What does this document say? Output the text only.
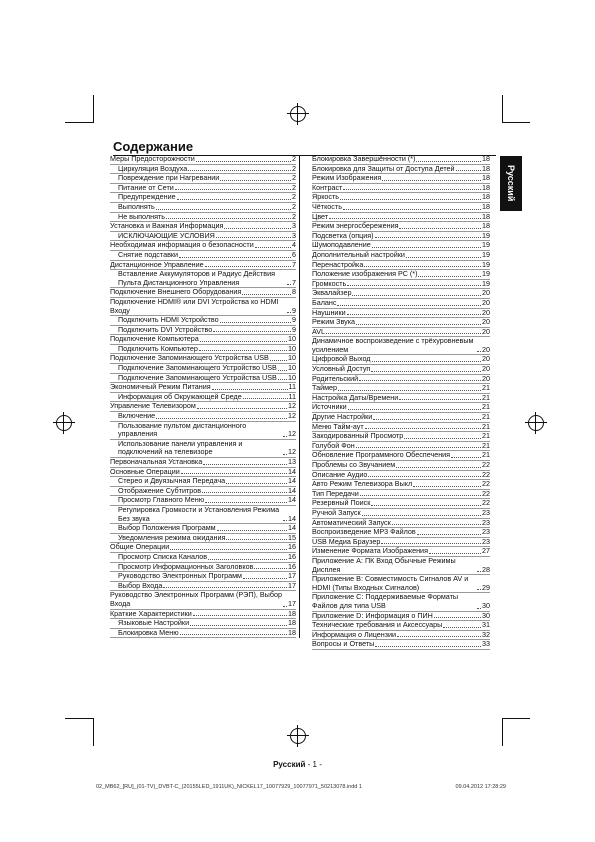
Содержание
Русский
Меры Предосторожности	2
Циркуляция Воздуха	2
Повреждение при Нагревании	2
Питание от Сети	2
Предупреждение	2
Выполнять	2
Не выполнять	2
Установка и Важная Информация	3
ИСКЛЮЧАЮЩИЕ УСЛОВИЯ	3
Необходимая информация о безопасности	4
Снятие подставки	6
Дистанционное Управление	7
Вставление Аккумуляторов и Радиус Действия Пульта Дистанционного Управления	7
Подключение Внешнего Оборудования	8
Подключение HDMI® или DVI Устройства ко HDMI Входу	9
Подключить HDMI Устройство	9
Подключить DVI Устройство	9
Подключение Компьютера	10
Подключить Компьютер	10
Подключение Запоминающего Устройства USB	10
Подключение Запоминающего Устройство USB 10
Подключение Запоминающего Устройства USB 10
Экономичный Режим Питания	11
Информация об Окружающей Среде	11
Управление Телевизором	12
Включение	12
Пользование пультом дистанционного управления	12
Использование панели управления и подключений на телевизоре	12
Первоначальная Установка	13
Основные Операции	14
Стерео и Двуязычная Передача	14
Отображение Субтитров	14
Просмотр Главного Меню	14
Регулировка Громкости и Установления Режима Без звука	14
Выбор Положения Программ	14
Уведомления режима ожидания	15
Общие Операции	16
Просмотр Списка Каналов	16
Просмотр Информационных Заголовков	16
Руководство Электронных Программ	17
Выбор Входа	17
Руководство Электронных Программ (РЭП), Выбор Входа	17
Краткие Характеристики	18
Языковые Настройки	18
Блокировка Меню	18
Блокировка Завершённости (*)	18
Блокировка для Защиты от Доступа Детей	18
Режим Изображения	18
Контраст	18
Яркость	18
Чёткость	18
Цвет	18
Режим энергосбережения	18
Подсветка (опция)	19
Шумоподавление	19
Дополнительный настройки	19
Перенастройка	19
Положение изображения РС (*)	19
Громкость	19
Эквалайзер	20
Баланс	20
Наушники	20
Режим Звука	20
AVL	20
Динамичное воспроизведение с трёхуровневым усилением	20
Цифровой Выход	20
Условный Доступ	20
Родительский	20
Таймер	21
Настройка Даты/Времени	21
Источники	21
Другие Настройки	21
Меню Тайм-аут	21
Закодированный Просмотр	21
Голубой Фон	21
Обновление Программного Обеспечения	21
Проблемы со Звучанием	22
Описание Аудио	22
Авто Режим Телевизора Выкл	22
Тип Передачи	22
Резервный Поиск	22
Ручной Запуск	23
Автоматический Запуск	23
Воспроизведение MP3 Файлов	23
USB Медиа Браузер	23
Изменение Формата Изображения	27
Приложение А: ПК Вход Обычные Режимы Дисплея	28
Приложение B: Совместимость Сигналов AV и HDMI (Типы Входных Сигналов)	29
Приложение C: Поддерживаемые Форматы Файлов для типа USB	30
Приложение D: Информация о ПИН	30
Технические требования и Аксессуары	31
Информация о Лицензии	32
Вопросы и Ответы	33
Русский - 1 -
02_MB62_[RU]_(01-TV)_DVBT-C_(20155LED_1911UK)_NICKEL17_10077929_10077971_50213078.indd 1	09.04.2012 17:28:29
